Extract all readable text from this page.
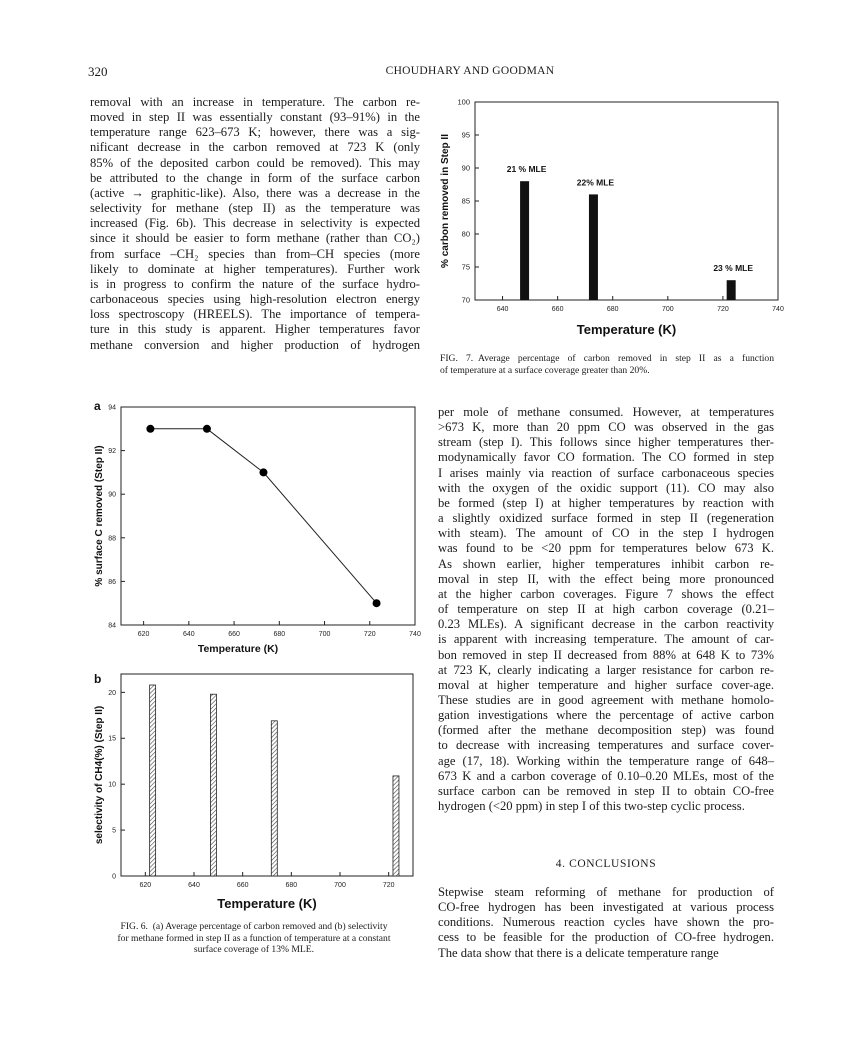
320	CHOUDHARY AND GOODMAN
removal with an increase in temperature. The carbon re-
moved in step II was essentially constant (93–91%) in the
temperature range 623–673 K; however, there was a sig-
nificant decrease in the carbon removed at 723 K (only
85% of the deposited carbon could be removed). This may
be attributed to the change in form of the surface carbon
(active → graphitic-like). Also, there was a decrease in the
selectivity for methane (step II) as the temperature was
increased (Fig. 6b). This decrease in selectivity is expected
since it should be easier to form methane (rather than CO₂)
from surface –CH₂ species than from–CH species (more
likely to dominate at higher temperatures). Further work
is in progress to confirm the nature of the surface hydro-
carbonaceous species using high-resolution electron energy
loss spectroscopy (HREELS). The importance of tempera-
ture in this study is apparent. Higher temperatures favor
methane conversion and higher production of hydrogen
640	660	680	700	720	740
70
75
80
85
90
95
100
Temperature (K)
% carbon removed in Step II	21 % MLE
22% MLE
23 % MLE
FIG. 7.  Average percentage of carbon removed in step II as a function
of temperature at a surface coverage greater than 20%.
620	640	660	680	700	720	740
84
86
88
90
92
94
a
Temperature (K)
% surface C removed (Step II)
620	640	660	680	700	720
0
5
10
15
20
b
Temperature (K)
selectivity of CH4(%) (Step II)
FIG. 6.  (a) Average percentage of carbon removed and (b) selectivity
for methane formed in step II as a function of temperature at a constant
surface coverage of 13% MLE.
per mole of methane consumed. However, at temperatures
>673 K, more than 20 ppm CO was observed in the gas
stream (step I). This follows since higher temperatures ther-
modynamically favor CO formation. The CO formed in step
I arises mainly via reaction of surface carbonaceous species
with the oxygen of the oxidic support (11). CO may also
be formed (step I) at higher temperatures by reaction with
a slightly oxidized surface formed in step II (regeneration
with steam). The amount of CO in the step I hydrogen
was found to be <20 ppm for temperatures below 673 K.
As shown earlier, higher temperatures inhibit carbon re-
moval in step II, with the effect being more pronounced
at the higher carbon coverages. Figure 7 shows the effect
of temperature on step II at high carbon coverage (0.21–
0.23 MLEs). A significant decrease in the carbon reactivity
is apparent with increasing temperature. The amount of car-
bon removed in step II decreased from 88% at 648 K to 73%
at 723 K, clearly indicating a larger resistance for carbon re-
moval at higher temperature and higher surface cover-age.
These studies are in good agreement with methane homolo-
gation investigations where the percentage of active carbon
(formed after the methane decomposition step) was found
to decrease with increasing temperatures and surface cover-
age (17, 18). Working within the temperature range of 648–
673 K and a carbon coverage of 0.10–0.20 MLEs, most of the
surface carbon can be removed in step II to obtain CO-free
hydrogen (<20 ppm) in step I of this two-step cyclic process.
4. CONCLUSIONS
Stepwise steam reforming of methane for production of
CO-free hydrogen has been investigated at various process
conditions. Numerous reaction cycles have shown the pro-
cess to be feasible for the production of CO-free hydrogen.
The data show that there is a delicate temperature range
